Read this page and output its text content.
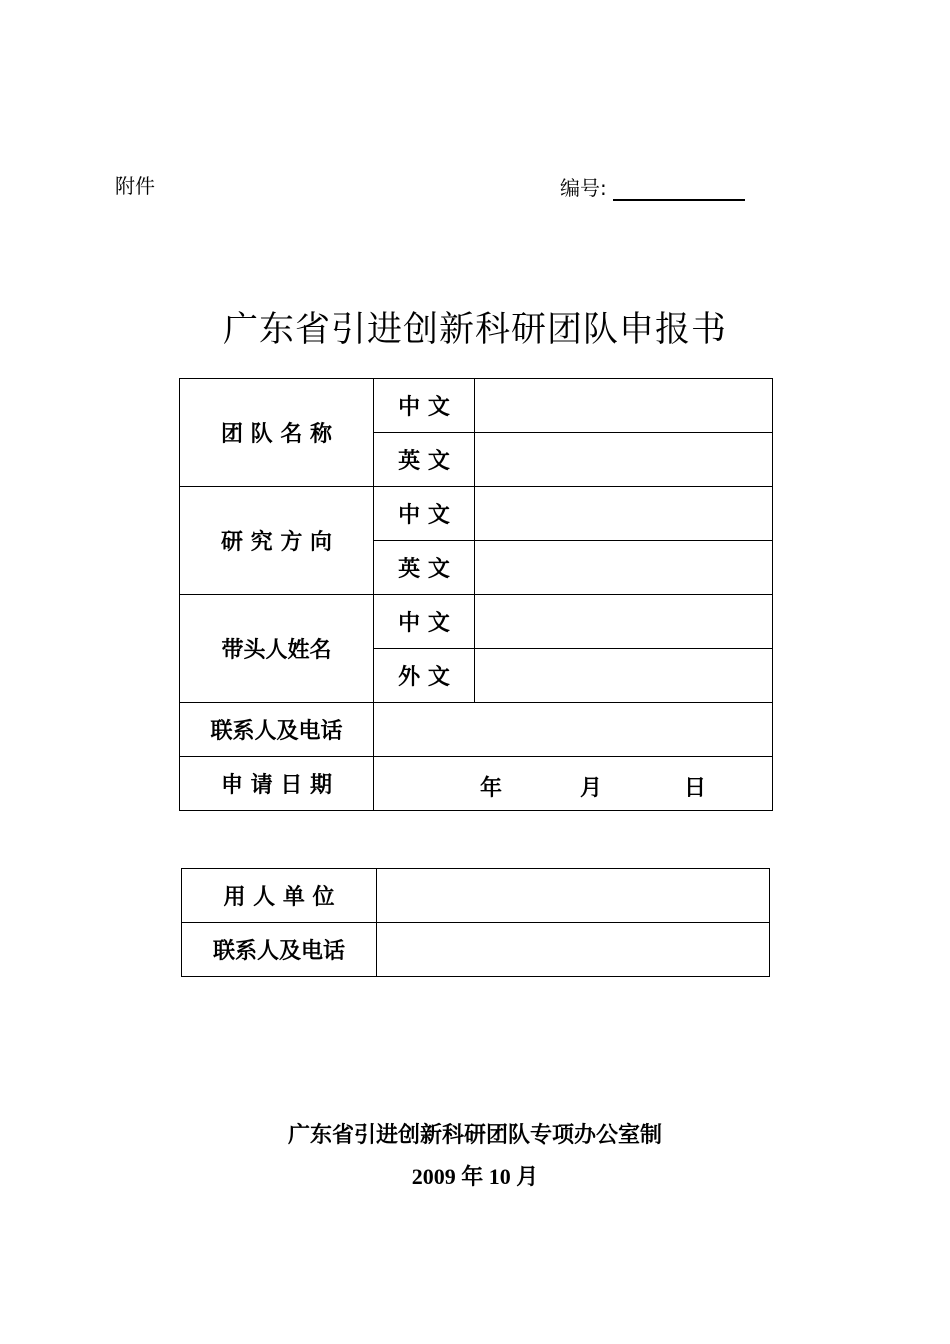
附件	编号:
广东省引进创新科研团队申报书
团 队 名 称	中 文	
	英 文	
研 究 方 向	中 文	
	英 文	
带头人姓名	中 文	
	外 文	
联系人及电话		
申 请 日 期	年 月 日	
用 人 单 位	
联系人及电话	
广东省引进创新科研团队专项办公室制
2009 年 10 月
